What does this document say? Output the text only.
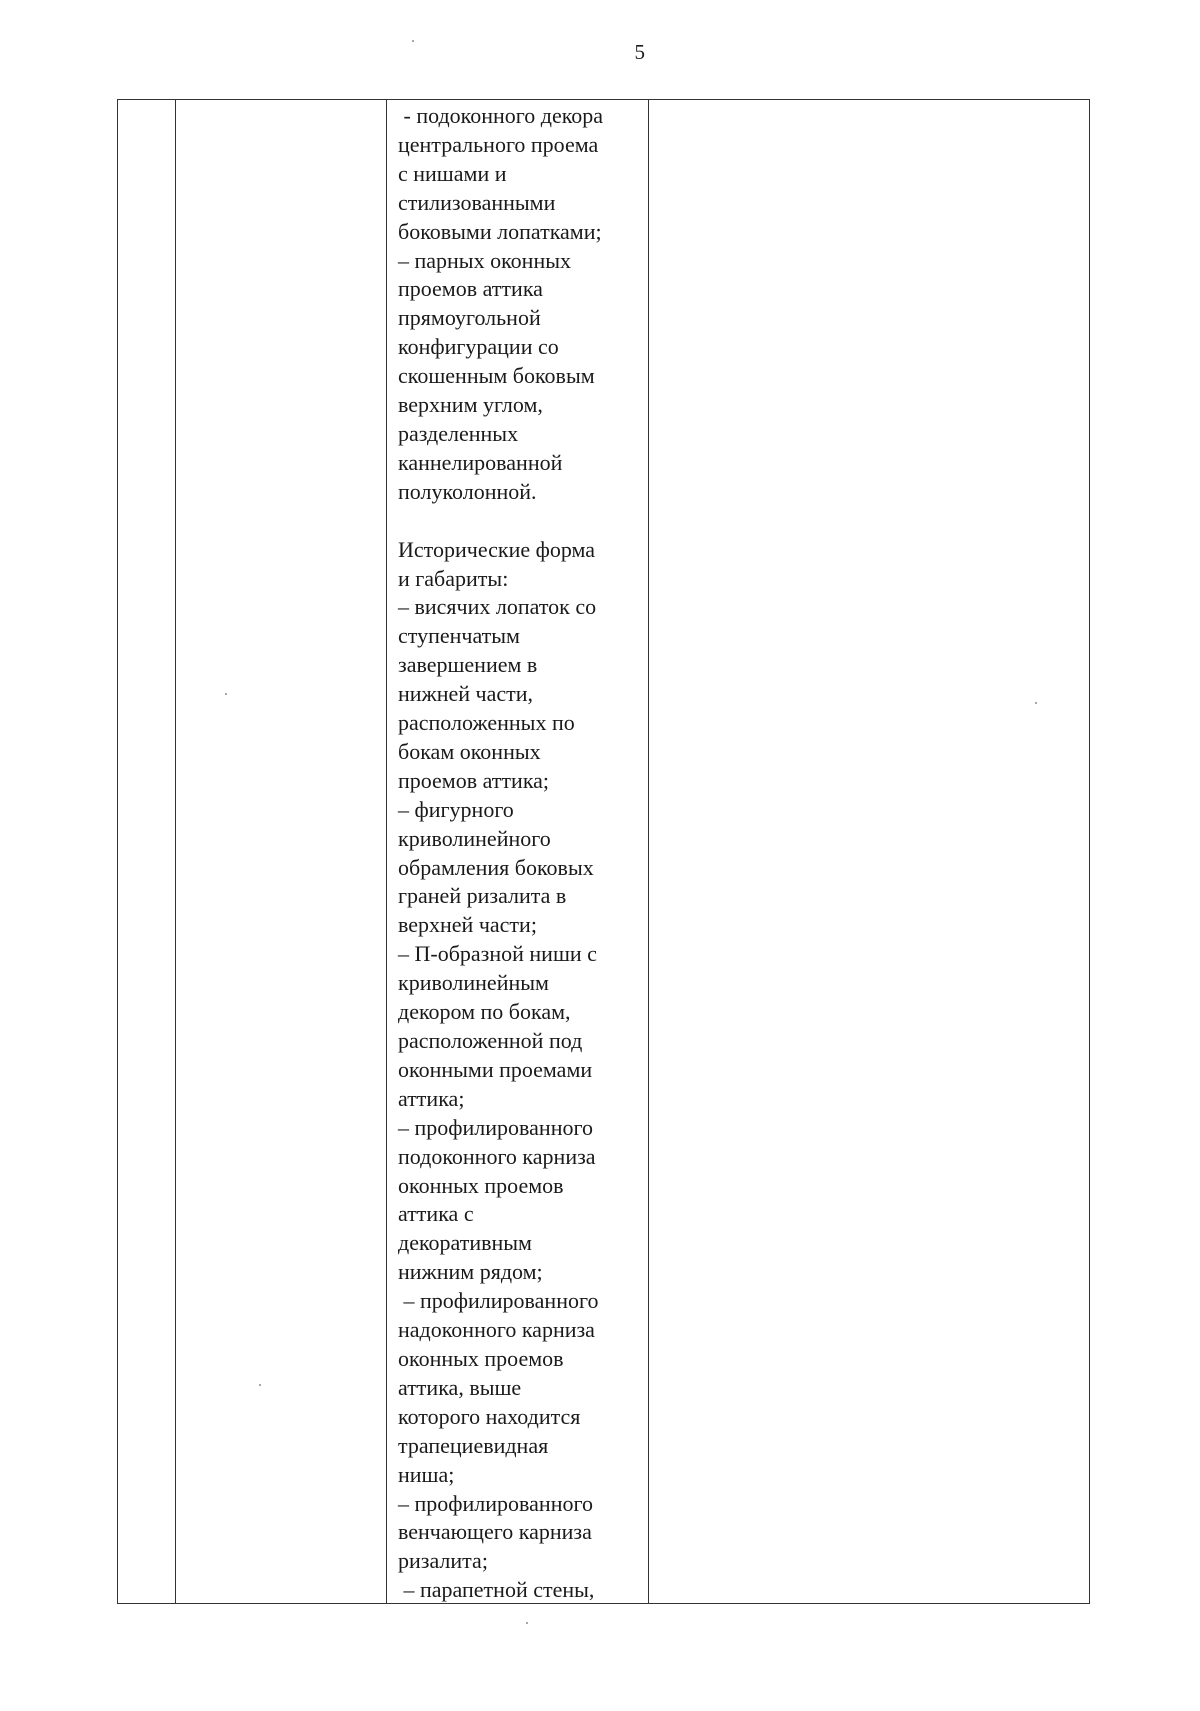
5
- подоконного декора
центрального проема
с нишами и
стилизованными
боковыми лопатками;
– парных оконных
проемов аттика
прямоугольной
конфигурации со
скошенным боковым
верхним углом,
разделенных
каннелированной
полуколонной.

Исторические форма
и габариты:
– висячих лопаток со
ступенчатым
завершением в
нижней части,
расположенных по
бокам оконных
проемов аттика;
– фигурного
криволинейного
обрамления боковых
граней ризалита в
верхней части;
– П-образной ниши с
криволинейным
декором по бокам,
расположенной под
оконными проемами
аттика;
– профилированного
подоконного карниза
оконных проемов
аттика с
декоративным
нижним рядом;
– профилированного
надоконного карниза
оконных проемов
аттика, выше
которого находится
трапециевидная
ниша;
– профилированного
венчающего карниза
ризалита;
– парапетной стены,
